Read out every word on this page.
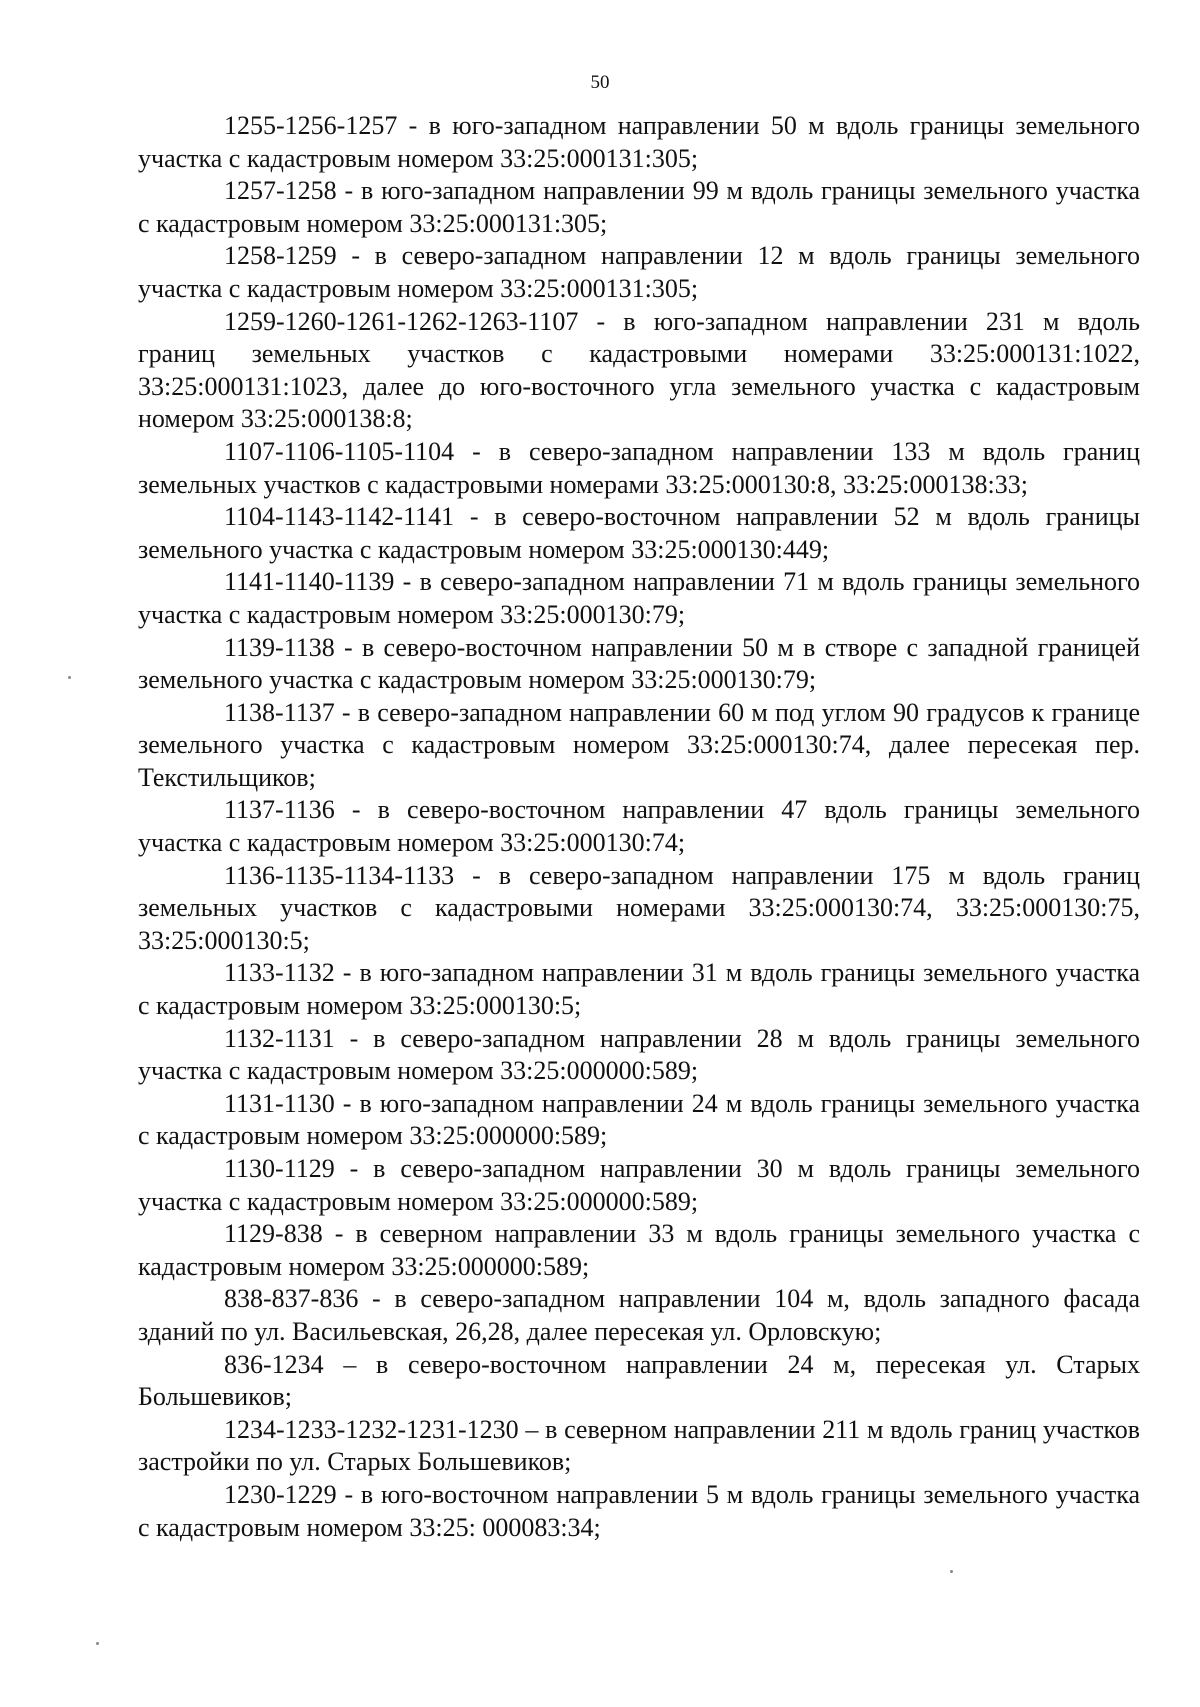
50

1255-1256-1257 - в юго-западном направлении 50 м вдоль границы земельного участка с кадастровым номером 33:25:000131:305;

1257-1258 - в юго-западном направлении 99 м вдоль границы земельного участка с кадастровым номером 33:25:000131:305;

1258-1259 - в северо-западном направлении 12 м вдоль границы земельного участка с кадастровым номером 33:25:000131:305;

1259-1260-1261-1262-1263-1107 - в юго-западном направлении 231 м вдоль границ земельных участков с кадастровыми номерами 33:25:000131:1022, 33:25:000131:1023, далее до юго-восточного угла земельного участка с кадастровым номером 33:25:000138:8;

1107-1106-1105-1104 - в северо-западном направлении 133 м вдоль границ земельных участков с кадастровыми номерами 33:25:000130:8, 33:25:000138:33;

1104-1143-1142-1141 - в северо-восточном направлении 52 м вдоль границы земельного участка с кадастровым номером 33:25:000130:449;

1141-1140-1139 - в северо-западном направлении 71 м вдоль границы земельного участка с кадастровым номером 33:25:000130:79;

1139-1138 - в северо-восточном направлении 50 м в створе с западной границей земельного участка с кадастровым номером 33:25:000130:79;

1138-1137 - в северо-западном направлении 60 м под углом 90 градусов к границе земельного участка с кадастровым номером 33:25:000130:74, далее пересекая пер. Текстильщиков;

1137-1136 - в северо-восточном направлении 47 вдоль границы земельного участка с кадастровым номером 33:25:000130:74;

1136-1135-1134-1133 - в северо-западном направлении 175 м вдоль границ земельных участков с кадастровыми номерами 33:25:000130:74, 33:25:000130:75, 33:25:000130:5;

1133-1132 - в юго-западном направлении 31 м вдоль границы земельного участка с кадастровым номером 33:25:000130:5;

1132-1131 - в северо-западном направлении 28 м вдоль границы земельного участка с кадастровым номером 33:25:000000:589;

1131-1130 - в юго-западном направлении 24 м вдоль границы земельного участка с кадастровым номером 33:25:000000:589;

1130-1129 - в северо-западном направлении 30 м вдоль границы земельного участка с кадастровым номером 33:25:000000:589;

1129-838 - в северном направлении 33 м вдоль границы земельного участка с кадастровым номером 33:25:000000:589;

838-837-836 - в северо-западном направлении 104 м, вдоль западного фасада зданий по ул. Васильевская, 26,28, далее пересекая ул. Орловскую;

836-1234 – в северо-восточном направлении 24 м, пересекая ул. Старых Большевиков;

1234-1233-1232-1231-1230 – в северном направлении 211 м вдоль границ участков застройки по ул. Старых Большевиков;

1230-1229 - в юго-восточном направлении 5 м вдоль границы земельного участка с кадастровым номером 33:25: 000083:34;
